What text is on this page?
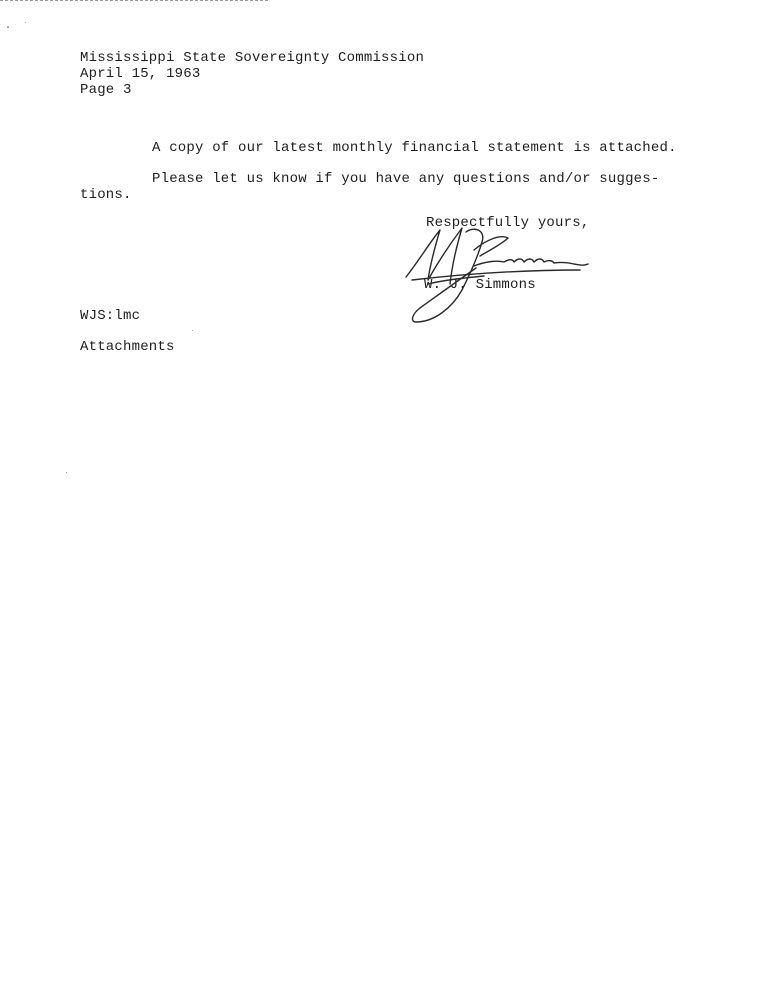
Mississippi State Sovereignty Commission
April 15, 1963
Page 3
A copy of our latest monthly financial statement is attached.
Please let us know if you have any questions and/or sugges-
tions.
Respectfully yours,
W. J. Simmons
WJS:lmc
Attachments
